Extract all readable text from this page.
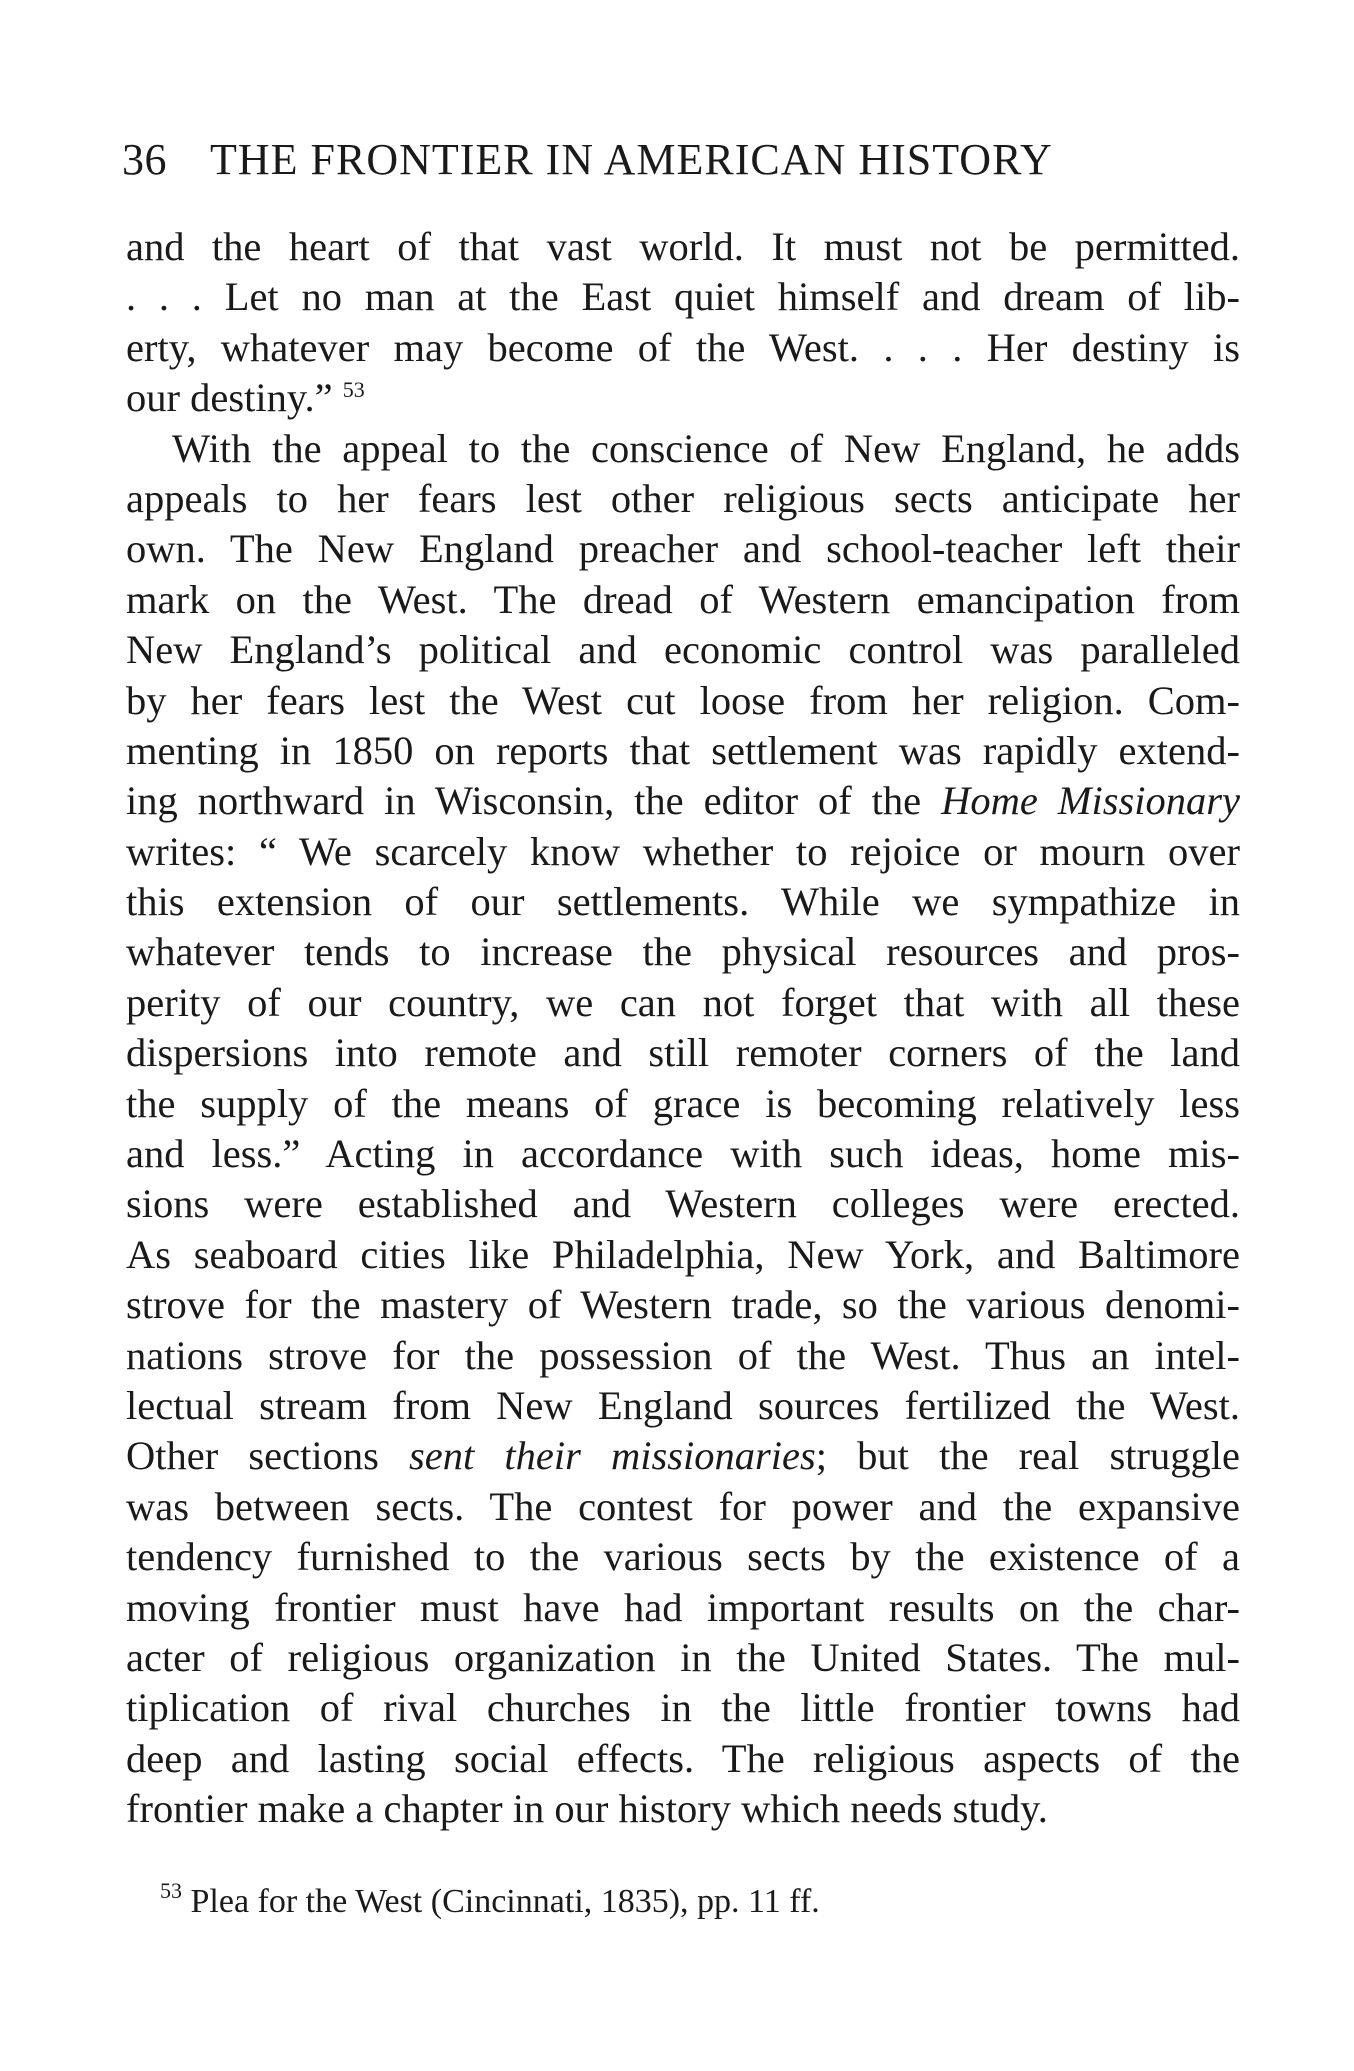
36 THE FRONTIER IN AMERICAN HISTORY
and the heart of that vast world. It must not be permitted.
. . . Let no man at the East quiet himself and dream of lib-
erty, whatever may become of the West. . . . Her destiny is
our destiny.” $^{53}$
With the appeal to the conscience of New England, he adds
appeals to her fears lest other religious sects anticipate her
own. The New England preacher and school-teacher left their
mark on the West. The dread of Western emancipation from
New England’s political and economic control was paralleled
by her fears lest the West cut loose from her religion. Com-
menting in 1850 on reports that settlement was rapidly extend-
ing northward in Wisconsin, the editor of the Home Missionary
writes: “ We scarcely know whether to rejoice or mourn over
this extension of our settlements. While we sympathize in
whatever tends to increase the physical resources and pros-
perity of our country, we can not forget that with all these
dispersions into remote and still remoter corners of the land
the supply of the means of grace is becoming relatively less
and less.” Acting in accordance with such ideas, home mis-
sions were established and Western colleges were erected.
As seaboard cities like Philadelphia, New York, and Baltimore
strove for the mastery of Western trade, so the various denomi-
nations strove for the possession of the West. Thus an intel-
lectual stream from New England sources fertilized the West.
Other sections sent their missionaries; but the real struggle
was between sects. The contest for power and the expansive
tendency furnished to the various sects by the existence of a
moving frontier must have had important results on the char-
acter of religious organization in the United States. The mul-
tiplication of rival churches in the little frontier towns had
deep and lasting social effects. The religious aspects of the
frontier make a chapter in our history which needs study.
$^{53}$ Plea for the West (Cincinnati, 1835), pp. 11 ff.
